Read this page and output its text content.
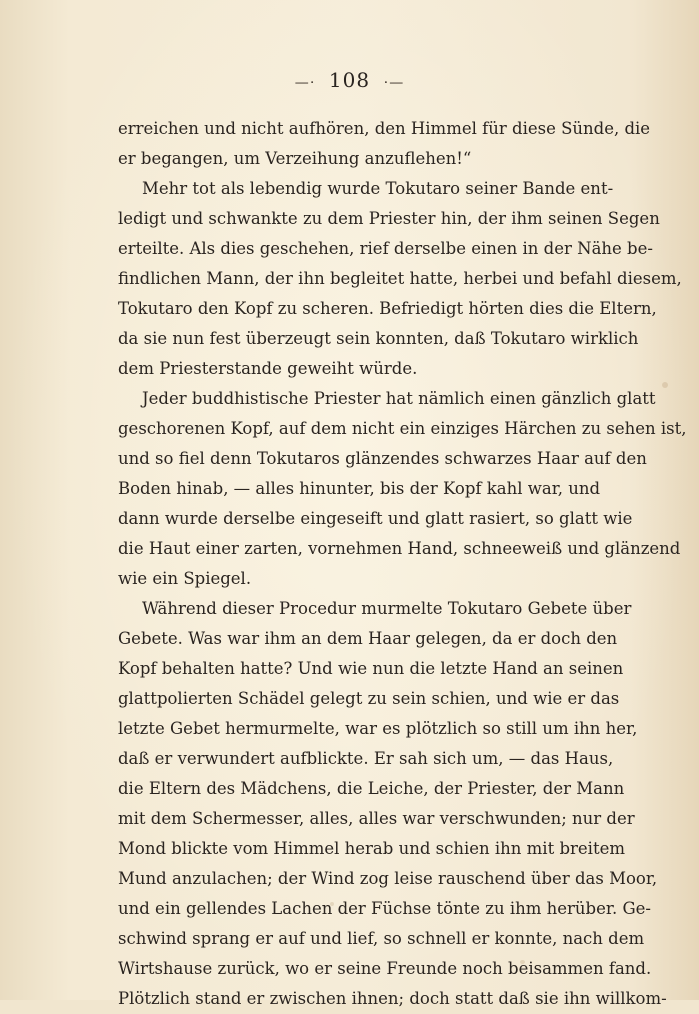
—⋅ 108 ⋅—
erreichen und nicht aufhören, den Himmel für diese Sünde, die
er begangen, um Verzeihung anzuflehen!“
Mehr tot als lebendig wurde Tokutaro seiner Bande ent-
ledigt und schwankte zu dem Priester hin, der ihm seinen Segen
erteilte. Als dies geschehen, rief derselbe einen in der Nähe be-
findlichen Mann, der ihn begleitet hatte, herbei und befahl diesem,
Tokutaro den Kopf zu scheren. Befriedigt hörten dies die Eltern,
da sie nun fest überzeugt sein konnten, daß Tokutaro wirklich
dem Priesterstande geweiht würde.
Jeder buddhistische Priester hat nämlich einen gänzlich glatt
geschorenen Kopf, auf dem nicht ein einziges Härchen zu sehen ist,
und so fiel denn Tokutaros glänzendes schwarzes Haar auf den
Boden hinab, — alles hinunter, bis der Kopf kahl war, und
dann wurde derselbe eingeseift und glatt rasiert, so glatt wie
die Haut einer zarten, vornehmen Hand, schneeweiß und glänzend
wie ein Spiegel.
Während dieser Procedur murmelte Tokutaro Gebete über
Gebete. Was war ihm an dem Haar gelegen, da er doch den
Kopf behalten hatte? Und wie nun die letzte Hand an seinen
glattpolierten Schädel gelegt zu sein schien, und wie er das
letzte Gebet hermurmelte, war es plötzlich so still um ihn her,
daß er verwundert aufblickte. Er sah sich um, — das Haus,
die Eltern des Mädchens, die Leiche, der Priester, der Mann
mit dem Schermesser, alles, alles war verschwunden; nur der
Mond blickte vom Himmel herab und schien ihn mit breitem
Mund anzulachen; der Wind zog leise rauschend über das Moor,
und ein gellendes Lachen der Füchse tönte zu ihm herüber. Ge-
schwind sprang er auf und lief, so schnell er konnte, nach dem
Wirtshause zurück, wo er seine Freunde noch beisammen fand.
Plötzlich stand er zwischen ihnen; doch statt daß sie ihn willkom-
